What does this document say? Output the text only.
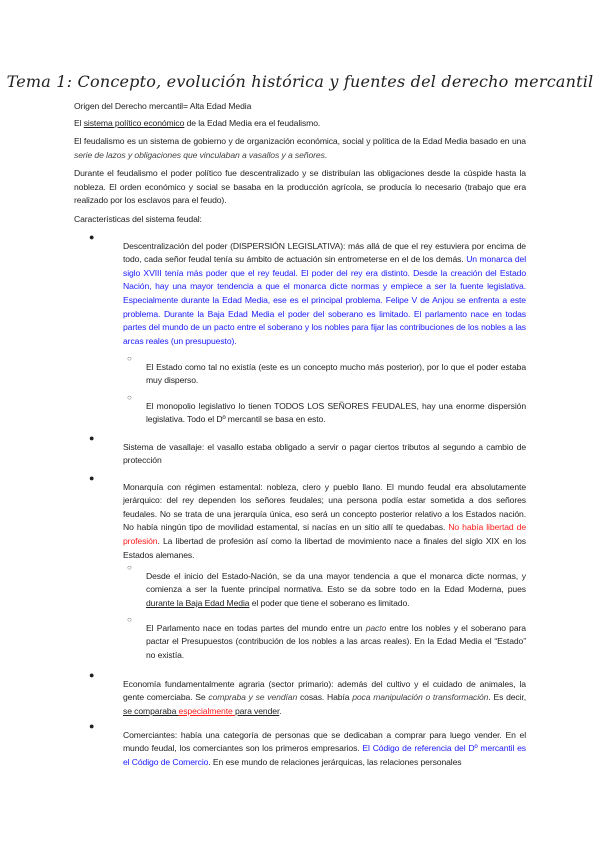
Tema 1: Concepto, evolución histórica y fuentes del derecho mercantil

Origen del Derecho mercantil= Alta Edad Media

El sistema político económico de la Edad Media era el feudalismo.

El feudalismo es un sistema de gobierno y de organización económica, social y política de la Edad Media basado en una serie de lazos y obligaciones que vinculaban a vasallos y a señores.

Durante el feudalismo el poder político fue descentralizado y se distribuían las obligaciones desde la cúspide hasta la nobleza. El orden económico y social se basaba en la producción agrícola, se producía lo necesario (trabajo que era realizado por los esclavos para el feudo).

Características del sistema feudal:

●

Descentralización del poder (DISPERSIÓN LEGISLATIVA): más allá de que el rey estuviera por encima de todo, cada señor feudal tenía su ámbito de actuación sin entrometerse en el de los demás. Un monarca del siglo XVIII tenía más poder que el rey feudal. El poder del rey era distinto. Desde la creación del Estado Nación, hay una mayor tendencia a que el monarca dicte normas y empiece a ser la fuente legislativa. Especialmente durante la Edad Media, ese es el principal problema. Felipe V de Anjou se enfrenta a este problema. Durante la Baja Edad Media el poder del soberano es limitado. El parlamento nace en todas partes del mundo de un pacto entre el soberano y los nobles para fijar las contribuciones de los nobles a las arcas reales (un presupuesto).

○

El Estado como tal no existía (este es un concepto mucho más posterior), por lo que el poder estaba muy disperso.

○

El monopolio legislativo lo tienen TODOS LOS SEÑORES FEUDALES, hay una enorme dispersión legislativa. Todo el Dº mercantil se basa en esto.

●

Sistema de vasallaje: el vasallo estaba obligado a servir o pagar ciertos tributos al segundo a cambio de protección

●

Monarquía con régimen estamental: nobleza, clero y pueblo llano. El mundo feudal era absolutamente jerárquico: del rey dependen los señores feudales; una persona podía estar sometida a dos señores feudales. No se trata de una jerarquía única, eso será un concepto posterior relativo a los Estados nación. No había ningún tipo de movilidad estamental, si nacías en un sitio allí te quedabas. No había libertad de profesión. La libertad de profesión así como la libertad de movimiento nace a finales del siglo XIX en los Estados alemanes.

○

Desde el inicio del Estado-Nación, se da una mayor tendencia a que el monarca dicte normas, y comienza a ser la fuente principal normativa. Esto se da sobre todo en la Edad Moderna, pues durante la Baja Edad Media el poder que tiene el soberano es limitado.

○

El Parlamento nace en todas partes del mundo entre un pacto entre los nobles y el soberano para pactar el Presupuestos (contribución de los nobles a las arcas reales). En la Edad Media el “Estado” no existía.

●

Economía fundamentalmente agraria (sector primario): además del cultivo y el cuidado de animales, la gente comerciaba. Se compraba y se vendían cosas. Había poca manipulación o transformación. Es decir, se comparaba especialmente para vender.

●

Comerciantes: había una categoría de personas que se dedicaban a comprar para luego vender. En el mundo feudal, los comerciantes son los primeros empresarios. El Código de referencia del Dº mercantil es el Código de Comercio. En ese mundo de relaciones jerárquicas, las relaciones personales
